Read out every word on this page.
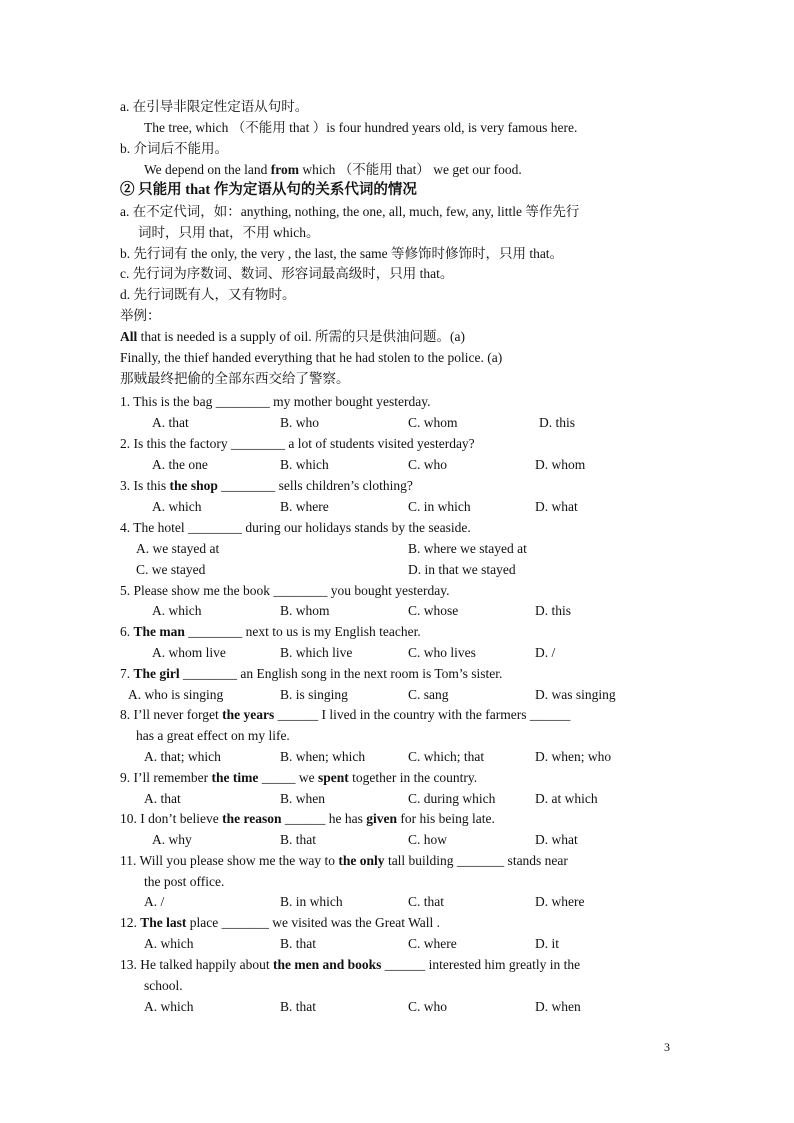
a. 在引导非限定性定语从句时。
The tree, which （不能用 that ）is four hundred years old, is very famous here.
b. 介词后不能用。
We depend on the land from which （不能用 that） we get our food.
② 只能用 that 作为定语从句的关系代词的情况
a. 在不定代词，如：anything, nothing, the one, all, much, few, any, little 等作先行
词时，只用 that，不用 which。
b. 先行词有 the only, the very , the last, the same 等修饰时修饰时，只用 that。
c. 先行词为序数词、数词、形容词最高级时，只用 that。
d. 先行词既有人，又有物时。
举例：
All that is needed is a supply of oil. 所需的只是供油问题。(a)
Finally, the thief handed everything that he had stolen to the police. (a)
那贼最终把偷的全部东西交给了警察。
1. This is the bag ________ my mother bought yesterday.
A. that	B. who	C. whom	D. this
2. Is this the factory ________ a lot of students visited yesterday?
A. the one	B. which	C. who	D. whom
3. Is this the shop ________ sells children’s clothing?
A. which	B. where	C. in which	D. what
4. The hotel ________ during our holidays stands by the seaside.
A. we stayed at	B. where we stayed at
C. we stayed	D. in that we stayed
5. Please show me the book ________ you bought yesterday.
A. which	B. whom	C. whose	D. this
6. The man ________ next to us is my English teacher.
A. whom live	B. which live	C. who lives	D. /
7. The girl ________ an English song in the next room is Tom’s sister.
A. who is singing	B. is singing	C. sang	D. was singing
8. I’ll never forget the years ______ I lived in the country with the farmers ______
has a great effect on my life.
A. that; which	B. when; which	C. which; that	D. when; who
9. I’ll remember the time _____ we spent together in the country.
A. that	B. when	C. during which	D. at which
10. I don’t believe the reason ______ he has given for his being late.
A. why	B. that	C. how	D. what
11. Will you please show me the way to the only tall building _______ stands near
the post office.
A. /	B. in which	C. that	D. where
12. The last place _______ we visited was the Great Wall .
A. which	B. that	C. where	D. it
13. He talked happily about the men and books ______ interested him greatly in the
school.
A. which	B. that	C. who	D. when
3
